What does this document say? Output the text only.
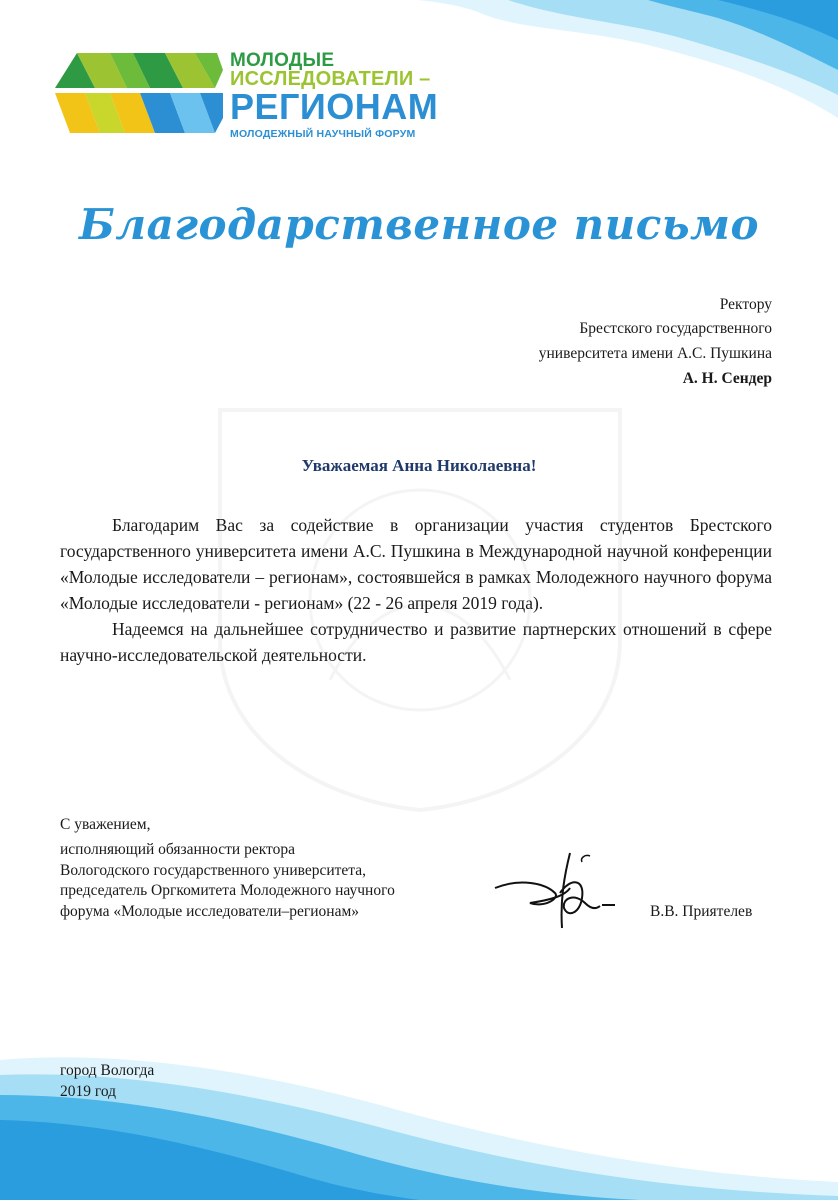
МОЛОДЫЕ
ИССЛЕДОВАТЕЛИ –
РЕГИОНАМ
МОЛОДЕЖНЫЙ НАУЧНЫЙ ФОРУМ
Благодарственное письмо
Ректору
Брестского государственного
университета имени А.С. Пушкина
А. Н. Сендер
Уважаемая Анна Николаевна!

Благодарим Вас за содействие в организации участия студентов Брестского государственного университета имени А.С. Пушкина в Международной научной конференции «Молодые исследователи – регионам», состоявшейся в рамках Молодежного научного форума «Молодые исследователи - регионам» (22 - 26 апреля 2019 года).

Надеемся на дальнейшее сотрудничество и развитие партнерских отношений в сфере научно-исследовательской деятельности.

С уважением,
исполняющий обязанности ректора
Вологодского государственного университета,
председатель Оргкомитета Молодежного научного
форума «Молодые исследователи–регионам»	В.В. Приятелев
город Вологда
2019 год
